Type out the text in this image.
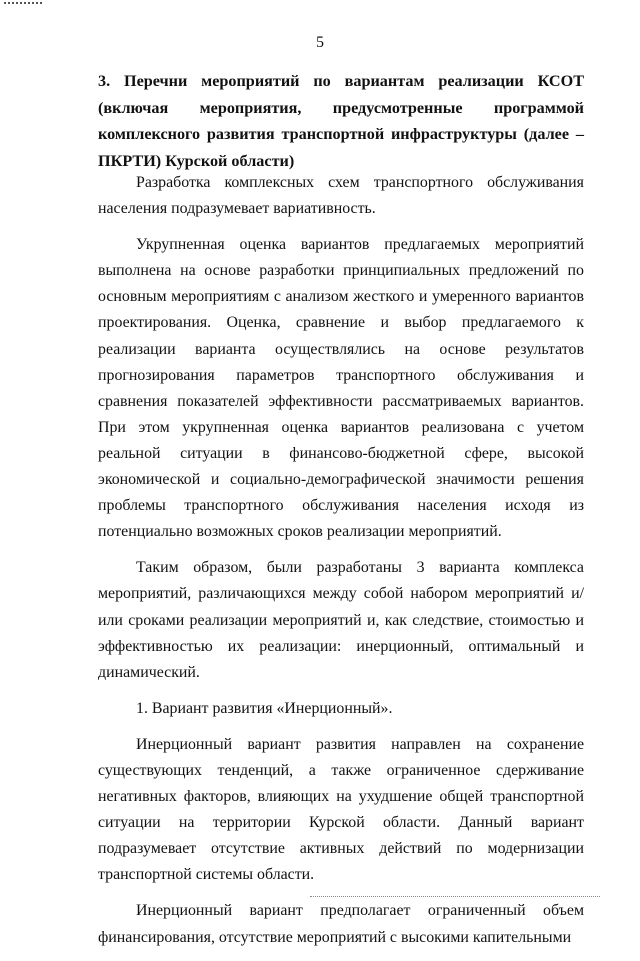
5
3. Перечни мероприятий по вариантам реализации КСОТ (включая мероприятия, предусмотренные программой комплексного развития транспортной инфраструктуры (далее – ПКРТИ) Курской области)

Разработка комплексных схем транспортного обслуживания населения подразумевает вариативность.

Укрупненная оценка вариантов предлагаемых мероприятий выполнена на основе разработки принципиальных предложений по основным мероприятиям с анализом жесткого и умеренного вариантов проектирования. Оценка, сравнение и выбор предлагаемого к реализации варианта осуществлялись на основе результатов прогнозирования параметров транспортного обслуживания и сравнения показателей эффективности рассматриваемых вариантов. При этом укрупненная оценка вариантов реализована с учетом реальной ситуации в финансово-бюджетной сфере, высокой экономической и социально-демографической значимости решения проблемы транспортного обслуживания населения исходя из потенциально возможных сроков реализации мероприятий.

Таким образом, были разработаны 3 варианта комплекса мероприятий, различающихся между собой набором мероприятий и/или сроками реализации мероприятий и, как следствие, стоимостью и эффективностью их реализации: инерционный, оптимальный и динамический.

1. Вариант развития «Инерционный».

Инерционный вариант развития направлен на сохранение существующих тенденций, а также ограниченное сдерживание негативных факторов, влияющих на ухудшение общей транспортной ситуации на территории Курской области. Данный вариант подразумевает отсутствие активных действий по модернизации транспортной системы области.

Инерционный вариант предполагает ограниченный объем финансирования, отсутствие мероприятий с высокими капительными
